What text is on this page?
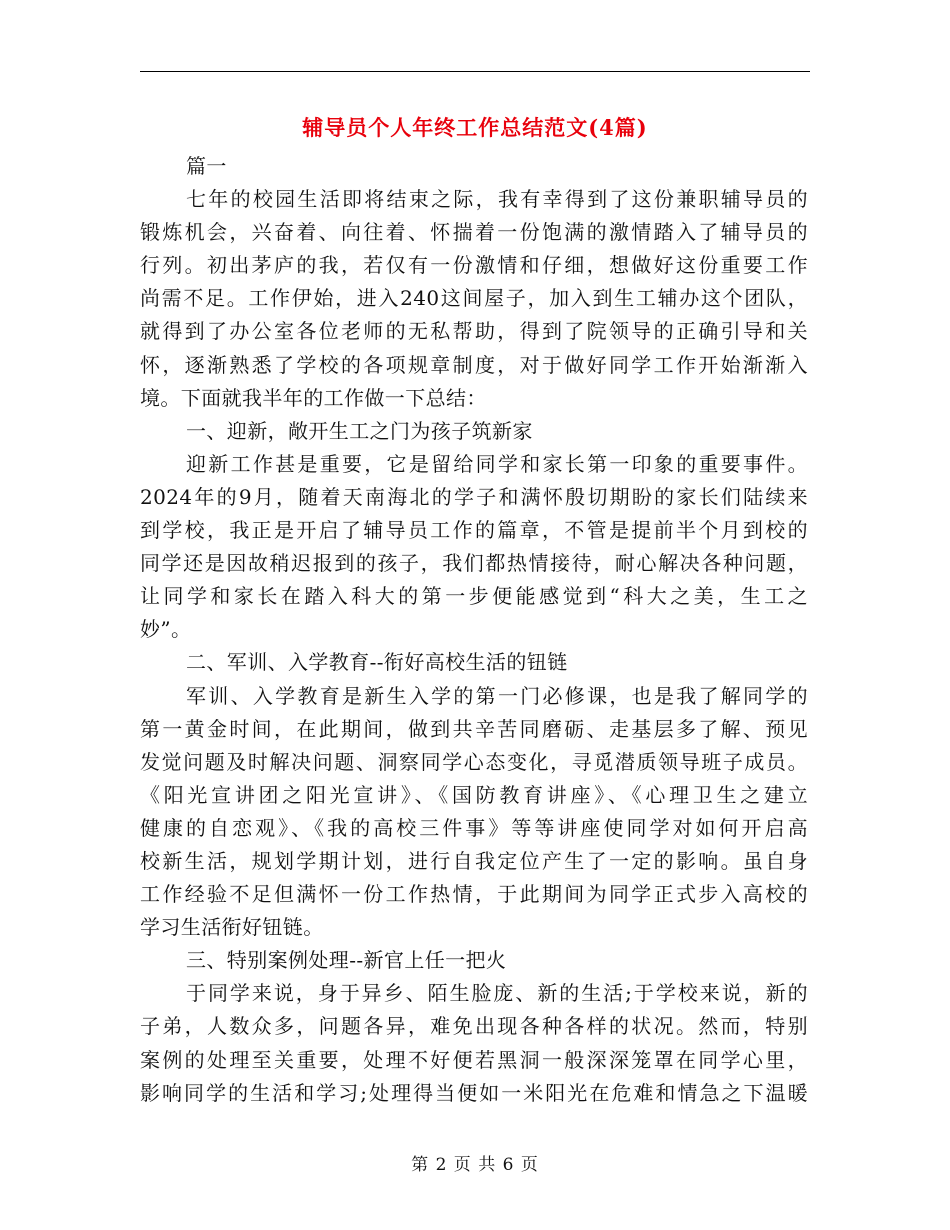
辅导员个人年终工作总结范文(4篇)
篇一
七年的校园生活即将结束之际，我有幸得到了这份兼职辅导员的
锻炼机会，兴奋着、向往着、怀揣着一份饱满的激情踏入了辅导员的
行列。初出茅庐的我，若仅有一份激情和仔细，想做好这份重要工作
尚需不足。工作伊始，进入240这间屋子，加入到生工辅办这个团队，
就得到了办公室各位老师的无私帮助，得到了院领导的正确引导和关
怀，逐渐熟悉了学校的各项规章制度，对于做好同学工作开始渐渐入
境。下面就我半年的工作做一下总结：
一、迎新，敞开生工之门为孩子筑新家
迎新工作甚是重要，它是留给同学和家长第一印象的重要事件。
2024年的9月，随着天南海北的学子和满怀殷切期盼的家长们陆续来
到学校，我正是开启了辅导员工作的篇章，不管是提前半个月到校的
同学还是因故稍迟报到的孩子，我们都热情接待，耐心解决各种问题，
让同学和家长在踏入科大的第一步便能感觉到“科大之美，生工之
妙”。
二、军训、入学教育--衔好高校生活的钮链
军训、入学教育是新生入学的第一门必修课，也是我了解同学的
第一黄金时间，在此期间，做到共辛苦同磨砺、走基层多了解、预见
发觉问题及时解决问题、洞察同学心态变化，寻觅潜质领导班子成员。
《阳光宣讲团之阳光宣讲》、《国防教育讲座》、《心理卫生之建立
健康的自恋观》、《我的高校三件事》等等讲座使同学对如何开启高
校新生活，规划学期计划，进行自我定位产生了一定的影响。虽自身
工作经验不足但满怀一份工作热情，于此期间为同学正式步入高校的
学习生活衔好钮链。
三、特别案例处理--新官上任一把火
于同学来说，身于异乡、陌生脸庞、新的生活;于学校来说，新的
子弟，人数众多，问题各异，难免出现各种各样的状况。然而，特别
案例的处理至关重要，处理不好便若黑洞一般深深笼罩在同学心里，
影响同学的生活和学习;处理得当便如一米阳光在危难和情急之下温暖
第 2 页 共 6 页
